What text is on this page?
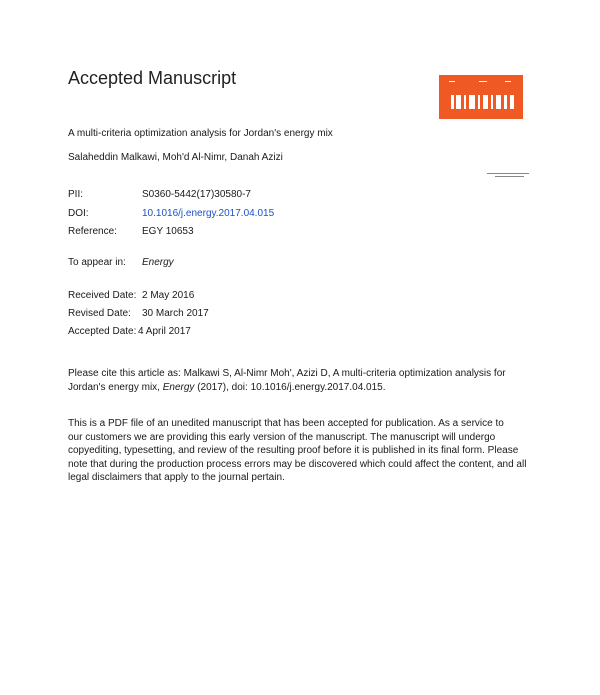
Accepted Manuscript
A multi-criteria optimization analysis for Jordan's energy mix
Salaheddin Malkawi, Moh'd Al-Nimr, Danah Azizi
PII:	S0360-5442(17)30580-7
DOI:	10.1016/j.energy.2017.04.015
Reference:	EGY 10653
To appear in: Energy
Received Date: 2 May 2016
Revised Date: 30 March 2017
Accepted Date: 4 April 2017
Please cite this article as: Malkawi S, Al-Nimr Moh', Azizi D, A multi-criteria optimization analysis for
Jordan's energy mix, Energy (2017), doi: 10.1016/j.energy.2017.04.015.
This is a PDF file of an unedited manuscript that has been accepted for publication. As a service to
our customers we are providing this early version of the manuscript. The manuscript will undergo
copyediting, typesetting, and review of the resulting proof before it is published in its final form. Please
note that during the production process errors may be discovered which could affect the content, and all
legal disclaimers that apply to the journal pertain.
